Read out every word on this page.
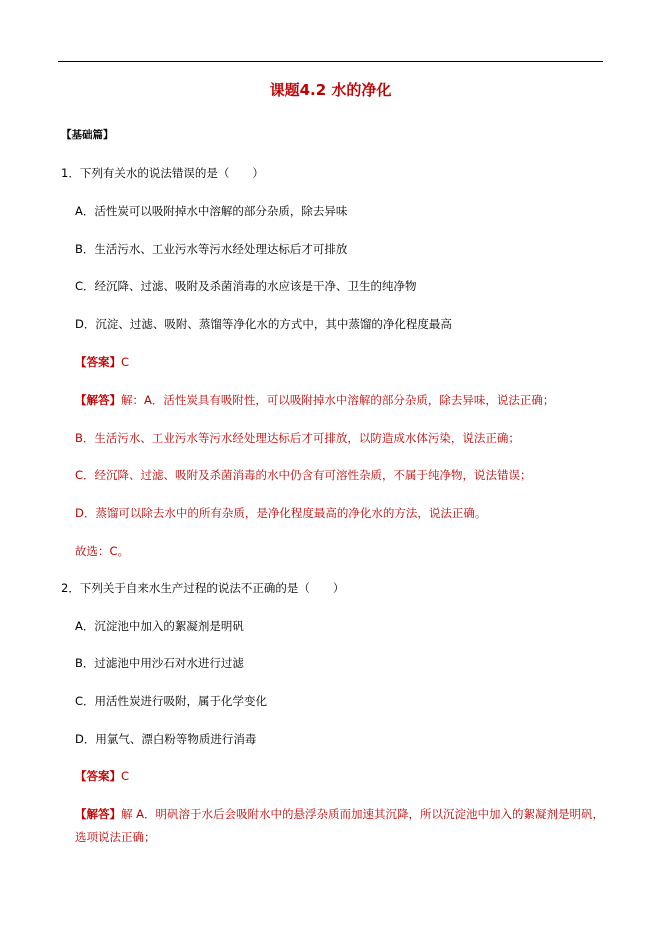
课题4.2 水的净化
【基础篇】
1．下列有关水的说法错误的是（　　）
A．活性炭可以吸附掉水中溶解的部分杂质，除去异味
B．生活污水、工业污水等污水经处理达标后才可排放
C．经沉降、过滤、吸附及杀菌消毒的水应该是干净、卫生的纯净物
D．沉淀、过滤、吸附、蒸馏等净化水的方式中，其中蒸馏的净化程度最高
【答案】C
【解答】解：A．活性炭具有吸附性，可以吸附掉水中溶解的部分杂质，除去异味，说法正确；
B．生活污水、工业污水等污水经处理达标后才可排放，以防造成水体污染，说法正确；
C．经沉降、过滤、吸附及杀菌消毒的水中仍含有可溶性杂质，不属于纯净物，说法错误；
D．蒸馏可以除去水中的所有杂质，是净化程度最高的净化水的方法，说法正确。
故选：C。
2．下列关于自来水生产过程的说法不正确的是（　　）
A．沉淀池中加入的絮凝剂是明矾
B．过滤池中用沙石对水进行过滤
C．用活性炭进行吸附，属于化学变化
D．用氯气、漂白粉等物质进行消毒
【答案】C
【解答】解 A．明矾溶于水后会吸附水中的悬浮杂质而加速其沉降，所以沉淀池中加入的絮凝剂是明矾，
选项说法正确；
